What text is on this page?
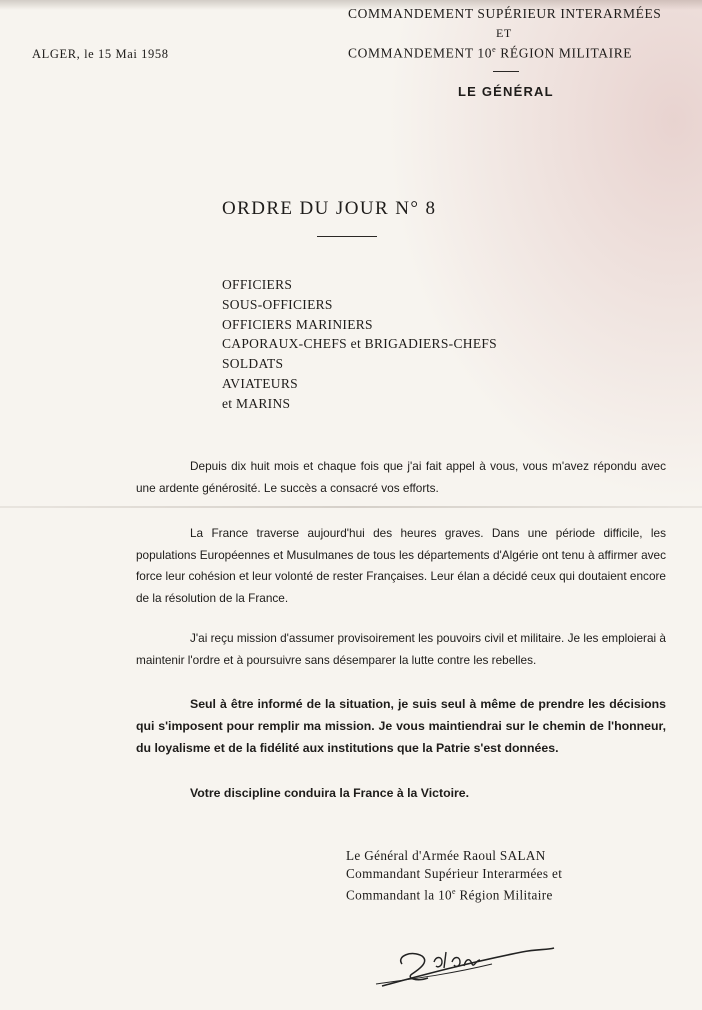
ALGER, le 15 Mai 1958
COMMANDEMENT SUPÉRIEUR INTERARMÉES
ET
COMMANDEMENT 10e RÉGION MILITAIRE
LE GÉNÉRAL
ORDRE DU JOUR N° 8
OFFICIERS
SOUS-OFFICIERS
OFFICIERS MARINIERS
CAPORAUX-CHEFS et BRIGADIERS-CHEFS
SOLDATS
AVIATEURS
et MARINS
Depuis dix huit mois et chaque fois que j'ai fait appel à vous, vous m'avez répondu avec une ardente générosité. Le succès a consacré vos efforts.
La France traverse aujourd'hui des heures graves. Dans une période difficile, les populations Européennes et Musulmanes de tous les départements d'Algérie ont tenu à affirmer avec force leur cohésion et leur volonté de rester Françaises. Leur élan a décidé ceux qui doutaient encore de la résolution de la France.
J'ai reçu mission d'assumer provisoirement les pouvoirs civil et militaire. Je les emploierai à maintenir l'ordre et à poursuivre sans désemparer la lutte contre les rebelles.
Seul à être informé de la situation, je suis seul à même de prendre les décisions qui s'imposent pour remplir ma mission. Je vous maintiendrai sur le chemin de l'honneur, du loyalisme et de la fidélité aux institutions que la Patrie s'est données.
Votre discipline conduira la France à la Victoire.
Le Général d'Armée Raoul SALAN
Commandant Supérieur Interarmées et
Commandant la 10e Région Militaire
